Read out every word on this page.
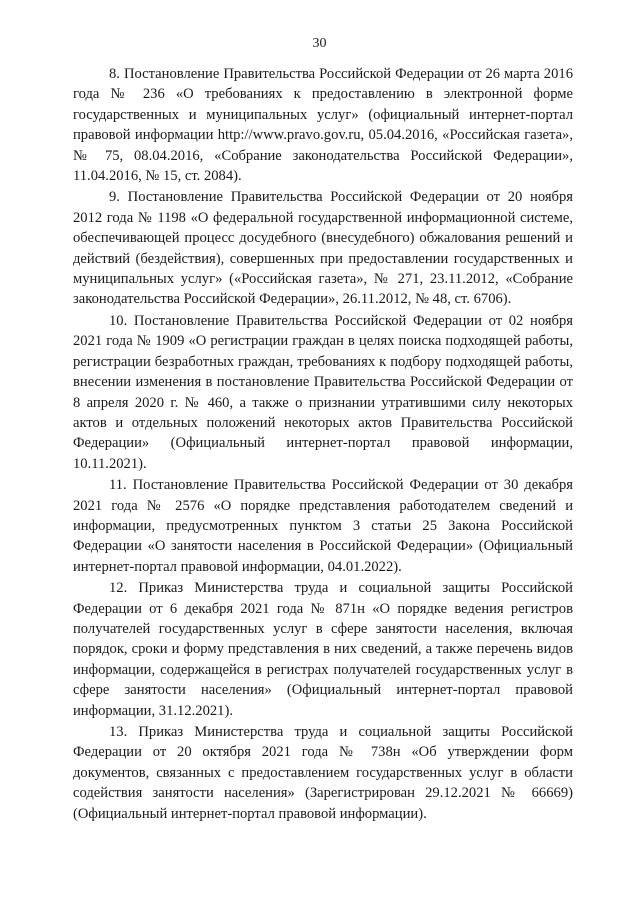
30

8. Постановление Правительства Российской Федерации от 26 марта 2016 года № 236 «О требованиях к предоставлению в электронной форме государственных и муниципальных услуг» (официальный интернет-портал правовой информации http://www.pravo.gov.ru, 05.04.2016, «Российская газета», № 75, 08.04.2016, «Собрание законодательства Российской Федерации», 11.04.2016, № 15, ст. 2084).

9. Постановление Правительства Российской Федерации от 20 ноября 2012 года № 1198 «О федеральной государственной информационной системе, обеспечивающей процесс досудебного (внесудебного) обжалования решений и действий (бездействия), совершенных при предоставлении государственных и муниципальных услуг» («Российская газета», № 271, 23.11.2012, «Собрание законодательства Российской Федерации», 26.11.2012, № 48, ст. 6706).

10. Постановление Правительства Российской Федерации от 02 ноября 2021 года № 1909 «О регистрации граждан в целях поиска подходящей работы, регистрации безработных граждан, требованиях к подбору подходящей работы, внесении изменения в постановление Правительства Российской Федерации от 8 апреля 2020 г. № 460, а также о признании утратившими силу некоторых актов и отдельных положений некоторых актов Правительства Российской Федерации» (Официальный интернет-портал правовой информации, 10.11.2021).

11. Постановление Правительства Российской Федерации от 30 декабря 2021 года № 2576 «О порядке представления работодателем сведений и информации, предусмотренных пунктом 3 статьи 25 Закона Российской Федерации «О занятости населения в Российской Федерации» (Официальный интернет-портал правовой информации, 04.01.2022).

12. Приказ Министерства труда и социальной защиты Российской Федерации от 6 декабря 2021 года № 871н «О порядке ведения регистров получателей государственных услуг в сфере занятости населения, включая порядок, сроки и форму представления в них сведений, а также перечень видов информации, содержащейся в регистрах получателей государственных услуг в сфере занятости населения» (Официальный интернет-портал правовой информации, 31.12.2021).

13. Приказ Министерства труда и социальной защиты Российской Федерации от 20 октября 2021 года № 738н «Об утверждении форм документов, связанных с предоставлением государственных услуг в области содействия занятости населения» (Зарегистрирован 29.12.2021 № 66669) (Официальный интернет-портал правовой информации).
